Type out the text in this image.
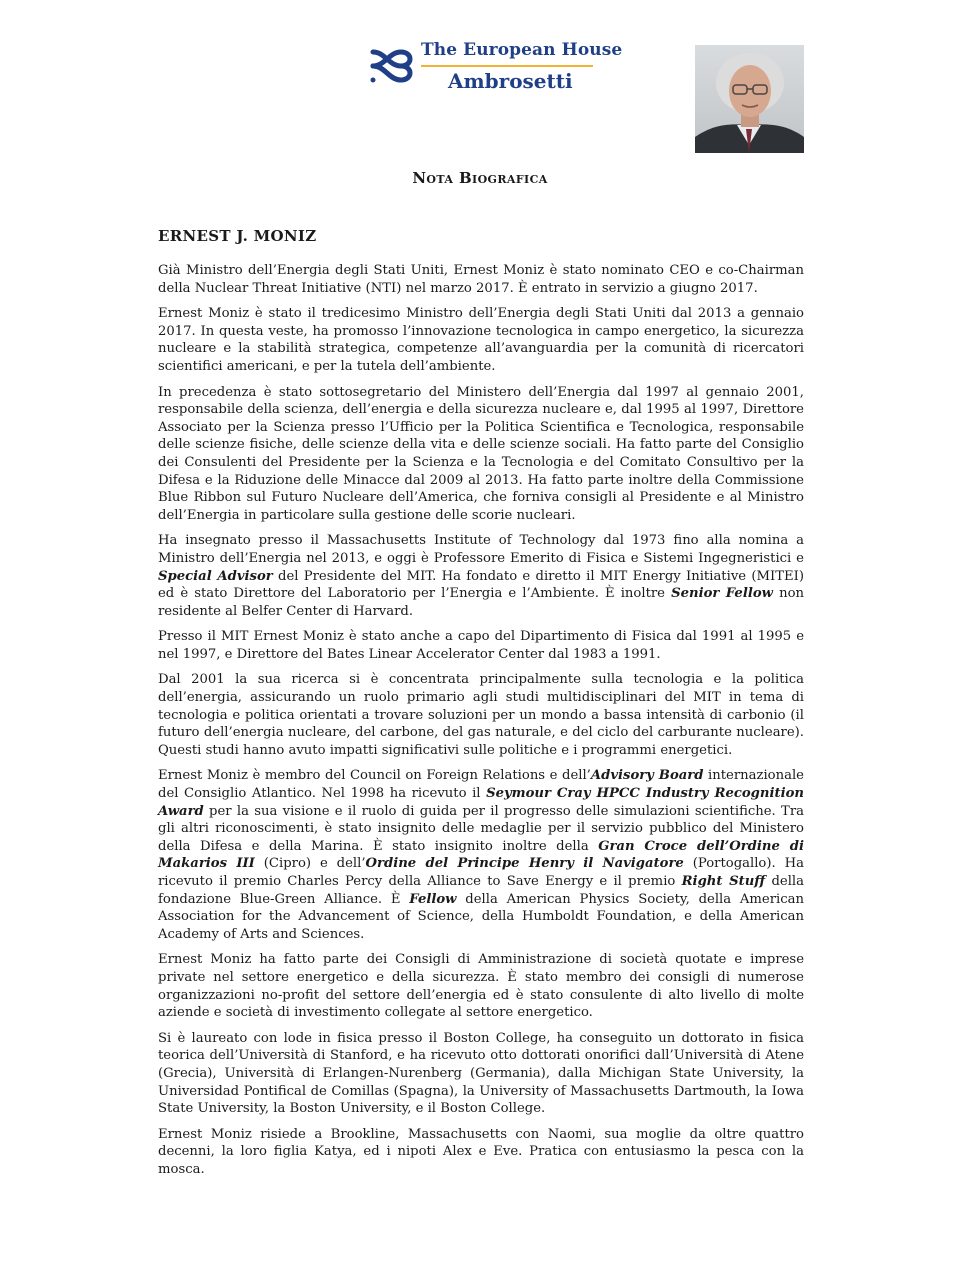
The European House
Ambrosetti
Nota Biografica
ERNEST J. MONIZ

Già Ministro dell’Energia degli Stati Uniti, Ernest Moniz è stato nominato CEO e co-Chairman della Nuclear Threat Initiative (NTI) nel marzo 2017. È entrato in servizio a giugno 2017.

Ernest Moniz è stato il tredicesimo Ministro dell’Energia degli Stati Uniti dal 2013 a gennaio 2017. In questa veste, ha promosso l’innovazione tecnologica in campo energetico, la sicurezza nucleare e la stabilità strategica, competenze all’avanguardia per la comunità di ricercatori scientifici americani, e per la tutela dell’ambiente.

In precedenza è stato sottosegretario del Ministero dell’Energia dal 1997 al gennaio 2001, responsabile della scienza, dell’energia e della sicurezza nucleare e, dal 1995 al 1997, Direttore Associato per la Scienza presso l’Ufficio per la Politica Scientifica e Tecnologica, responsabile delle scienze fisiche, delle scienze della vita e delle scienze sociali. Ha fatto parte del Consiglio dei Consulenti del Presidente per la Scienza e la Tecnologia e del Comitato Consultivo per la Difesa e la Riduzione delle Minacce dal 2009 al 2013. Ha fatto parte inoltre della Commissione Blue Ribbon sul Futuro Nucleare dell’America, che forniva consigli al Presidente e al Ministro dell’Energia in particolare sulla gestione delle scorie nucleari.

Ha insegnato presso il Massachusetts Institute of Technology dal 1973 fino alla nomina a Ministro dell’Energia nel 2013, e oggi è Professore Emerito di Fisica e Sistemi Ingegneristici e Special Advisor del Presidente del MIT. Ha fondato e diretto il MIT Energy Initiative (MITEI) ed è stato Direttore del Laboratorio per l’Energia e l’Ambiente. È inoltre Senior Fellow non residente al Belfer Center di Harvard.

Presso il MIT Ernest Moniz è stato anche a capo del Dipartimento di Fisica dal 1991 al 1995 e nel 1997, e Direttore del Bates Linear Accelerator Center dal 1983 a 1991.

Dal 2001 la sua ricerca si è concentrata principalmente sulla tecnologia e la politica dell’energia, assicurando un ruolo primario agli studi multidisciplinari del MIT in tema di tecnologia e politica orientati a trovare soluzioni per un mondo a bassa intensità di carbonio (il futuro dell’energia nucleare, del carbone, del gas naturale, e del ciclo del carburante nucleare). Questi studi hanno avuto impatti significativi sulle politiche e i programmi energetici.

Ernest Moniz è membro del Council on Foreign Relations e dell’Advisory Board internazionale del Consiglio Atlantico. Nel 1998 ha ricevuto il Seymour Cray HPCC Industry Recognition Award per la sua visione e il ruolo di guida per il progresso delle simulazioni scientifiche. Tra gli altri riconoscimenti, è stato insignito delle medaglie per il servizio pubblico del Ministero della Difesa e della Marina. È stato insignito inoltre della Gran Croce dell’Ordine di Makarios III (Cipro) e dell’Ordine del Principe Henry il Navigatore (Portogallo). Ha ricevuto il premio Charles Percy della Alliance to Save Energy e il premio Right Stuff della fondazione Blue-Green Alliance. È Fellow della American Physics Society, della American Association for the Advancement of Science, della Humboldt Foundation, e della American Academy of Arts and Sciences.

Ernest Moniz ha fatto parte dei Consigli di Amministrazione di società quotate e imprese private nel settore energetico e della sicurezza. È stato membro dei consigli di numerose organizzazioni no-profit del settore dell’energia ed è stato consulente di alto livello di molte aziende e società di investimento collegate al settore energetico.

Si è laureato con lode in fisica presso il Boston College, ha conseguito un dottorato in fisica teorica dell’Università di Stanford, e ha ricevuto otto dottorati onorifici dall’Università di Atene (Grecia), Università di Erlangen-Nurenberg (Germania), dalla Michigan State University, la Universidad Pontifical de Comillas (Spagna), la University of Massachusetts Dartmouth, la Iowa State University, la Boston University, e il Boston College.

Ernest Moniz risiede a Brookline, Massachusetts con Naomi, sua moglie da oltre quattro decenni, la loro figlia Katya, ed i nipoti Alex e Eve. Pratica con entusiasmo la pesca con la mosca.
